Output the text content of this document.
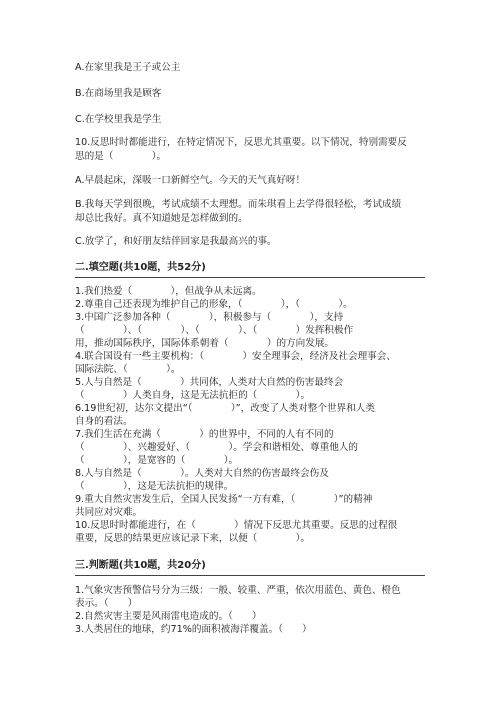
A.在家里我是王子或公主
B.在商场里我是顾客
C.在学校里我是学生
10.反思时时都能进行，在特定情况下，反思尤其重要。以下情况，特别需要反
思的是（　　　　）。
A.早晨起床，深吸一口新鲜空气。今天的天气真好呀！
B.我每天学到很晚，考试成绩不太理想。而朱琪看上去学得很轻松，考试成绩
却总比我好。真不知道她是怎样做到的。
C.放学了，和好朋友结伴回家是我最高兴的事。
二.填空题(共10题，共52分)
1.我们热爱（　　　　），但战争从未远离。
2.尊重自己还表现为维护自己的形象，（　　　　），（　　　　）。
3.中国广泛参加各种（　　　　），积极参与（　　　　），支持
（　　　　）、（　　　　）、（　　　　）、（　　　　）发挥积极作
用，推动国际秩序，国际体系朝着（　　　　）的方向发展。
4.联合国设有一些主要机构：（　　　　）安全理事会，经济及社会理事会、
国际法院、（　　　　）。
5.人与自然是（　　　　）共同体，人类对大自然的伤害最终会
（　　　　）人类自身，这是无法抗拒的（　　　　）。
6.19世纪初，达尔文提出“（　　　　）”，改变了人类对整个世界和人类
自身的看法。
7.我们生活在充满（　　　　）的世界中，不同的人有不同的
（　　　　）、兴趣爱好、（　　　　）。学会和谐相处、尊重他人的
（　　　　），是宽容的（　　　　）。
8.人与自然是（　　　　）。人类对大自然的伤害最终会伤及
（　　　　），这是无法抗拒的规律。
9.重大自然灾害发生后，全国人民发扬“一方有难，（　　　　）”的精神
共同应对灾难。
10.反思时时都能进行，在（　　　　）情况下反思尤其重要。反思的过程很
重要，反思的结果更应该记录下来，以便（　　　　）。
三.判断题(共10题，共20分)
1.气象灾害预警信号分为三级：一般、较重、严重，依次用蓝色、黄色、橙色
表示。（　　）
2.自然灾害主要是风雨雷电造成的。（　　）
3.人类居住的地球，约71%的面积被海洋覆盖。（　　）
